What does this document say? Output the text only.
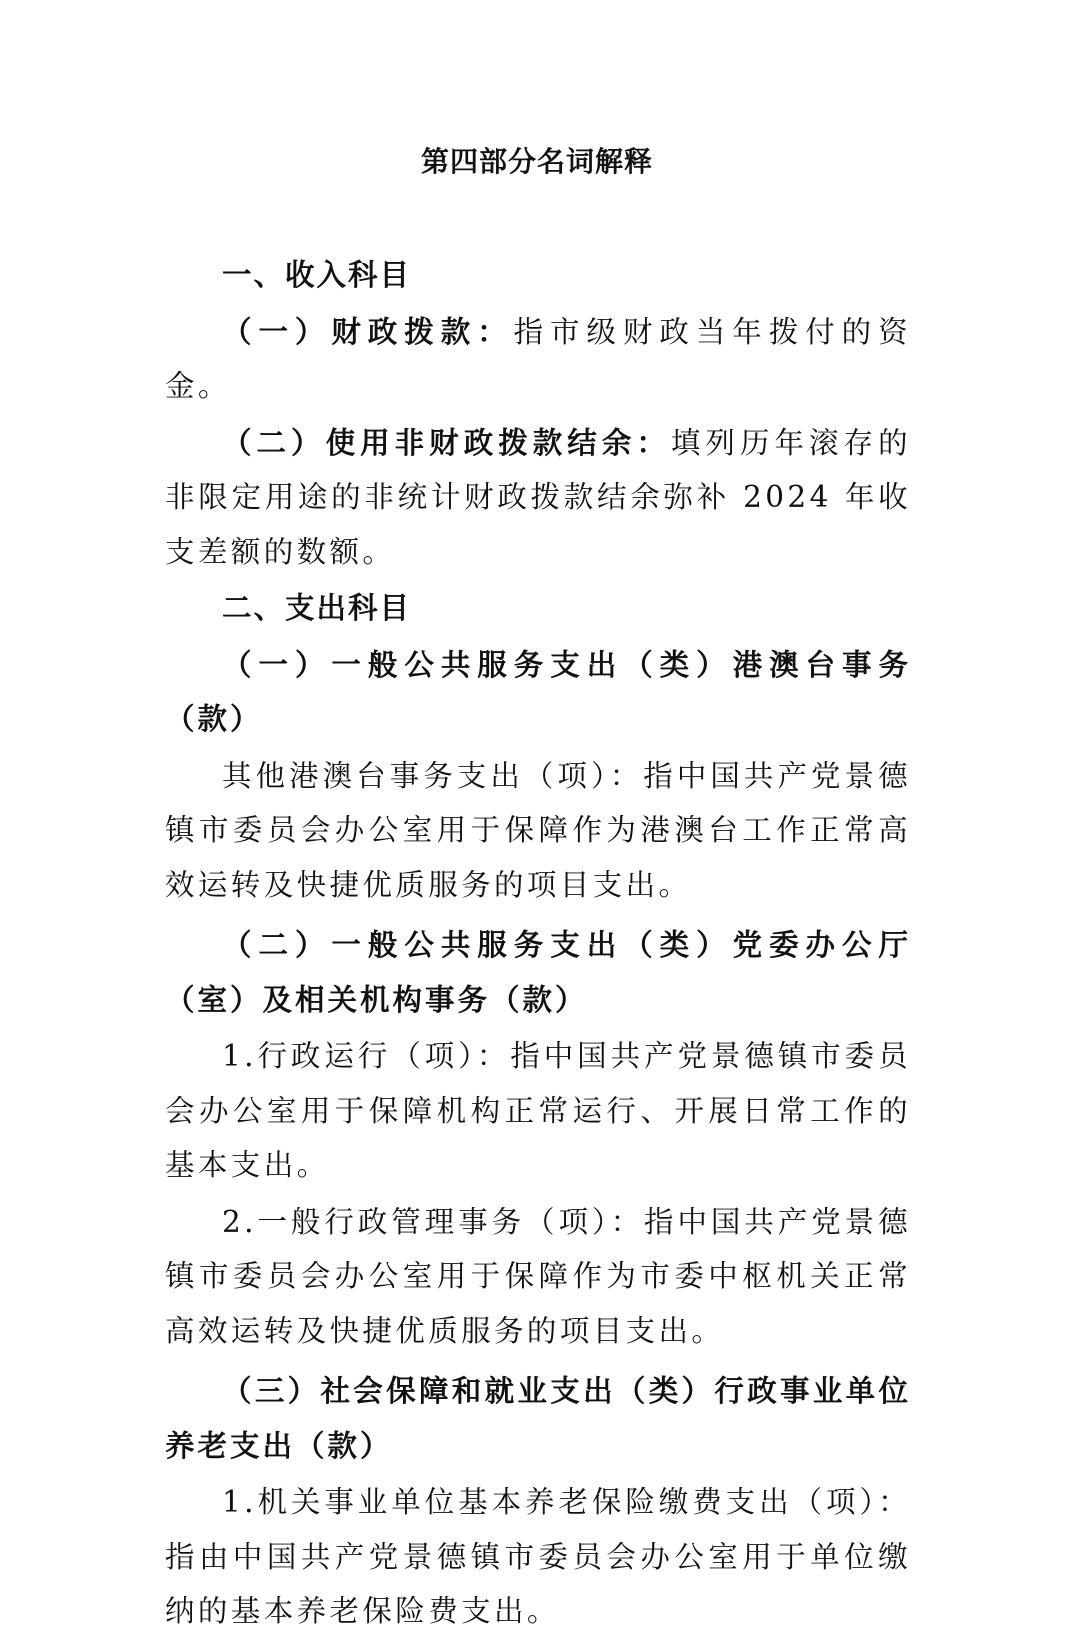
第四部分名词解释

一、收入科目

（一）财政拨款：指市级财政当年拨付的资金。

（二）使用非财政拨款结余：填列历年滚存的非限定用途的非统计财政拨款结余弥补 2024 年收支差额的数额。

二、支出科目

（一）一般公共服务支出（类）港澳台事务（款）

其他港澳台事务支出（项）：指中国共产党景德镇市委员会办公室用于保障作为港澳台工作正常高效运转及快捷优质服务的项目支出。

（二）一般公共服务支出（类）党委办公厅（室）及相关机构事务（款）

1.行政运行（项）：指中国共产党景德镇市委员会办公室用于保障机构正常运行、开展日常工作的基本支出。

2.一般行政管理事务（项）：指中国共产党景德镇市委员会办公室用于保障作为市委中枢机关正常高效运转及快捷优质服务的项目支出。

（三）社会保障和就业支出（类）行政事业单位养老支出（款）

1.机关事业单位基本养老保险缴费支出（项）：指由中国共产党景德镇市委员会办公室用于单位缴纳的基本养老保险费支出。
